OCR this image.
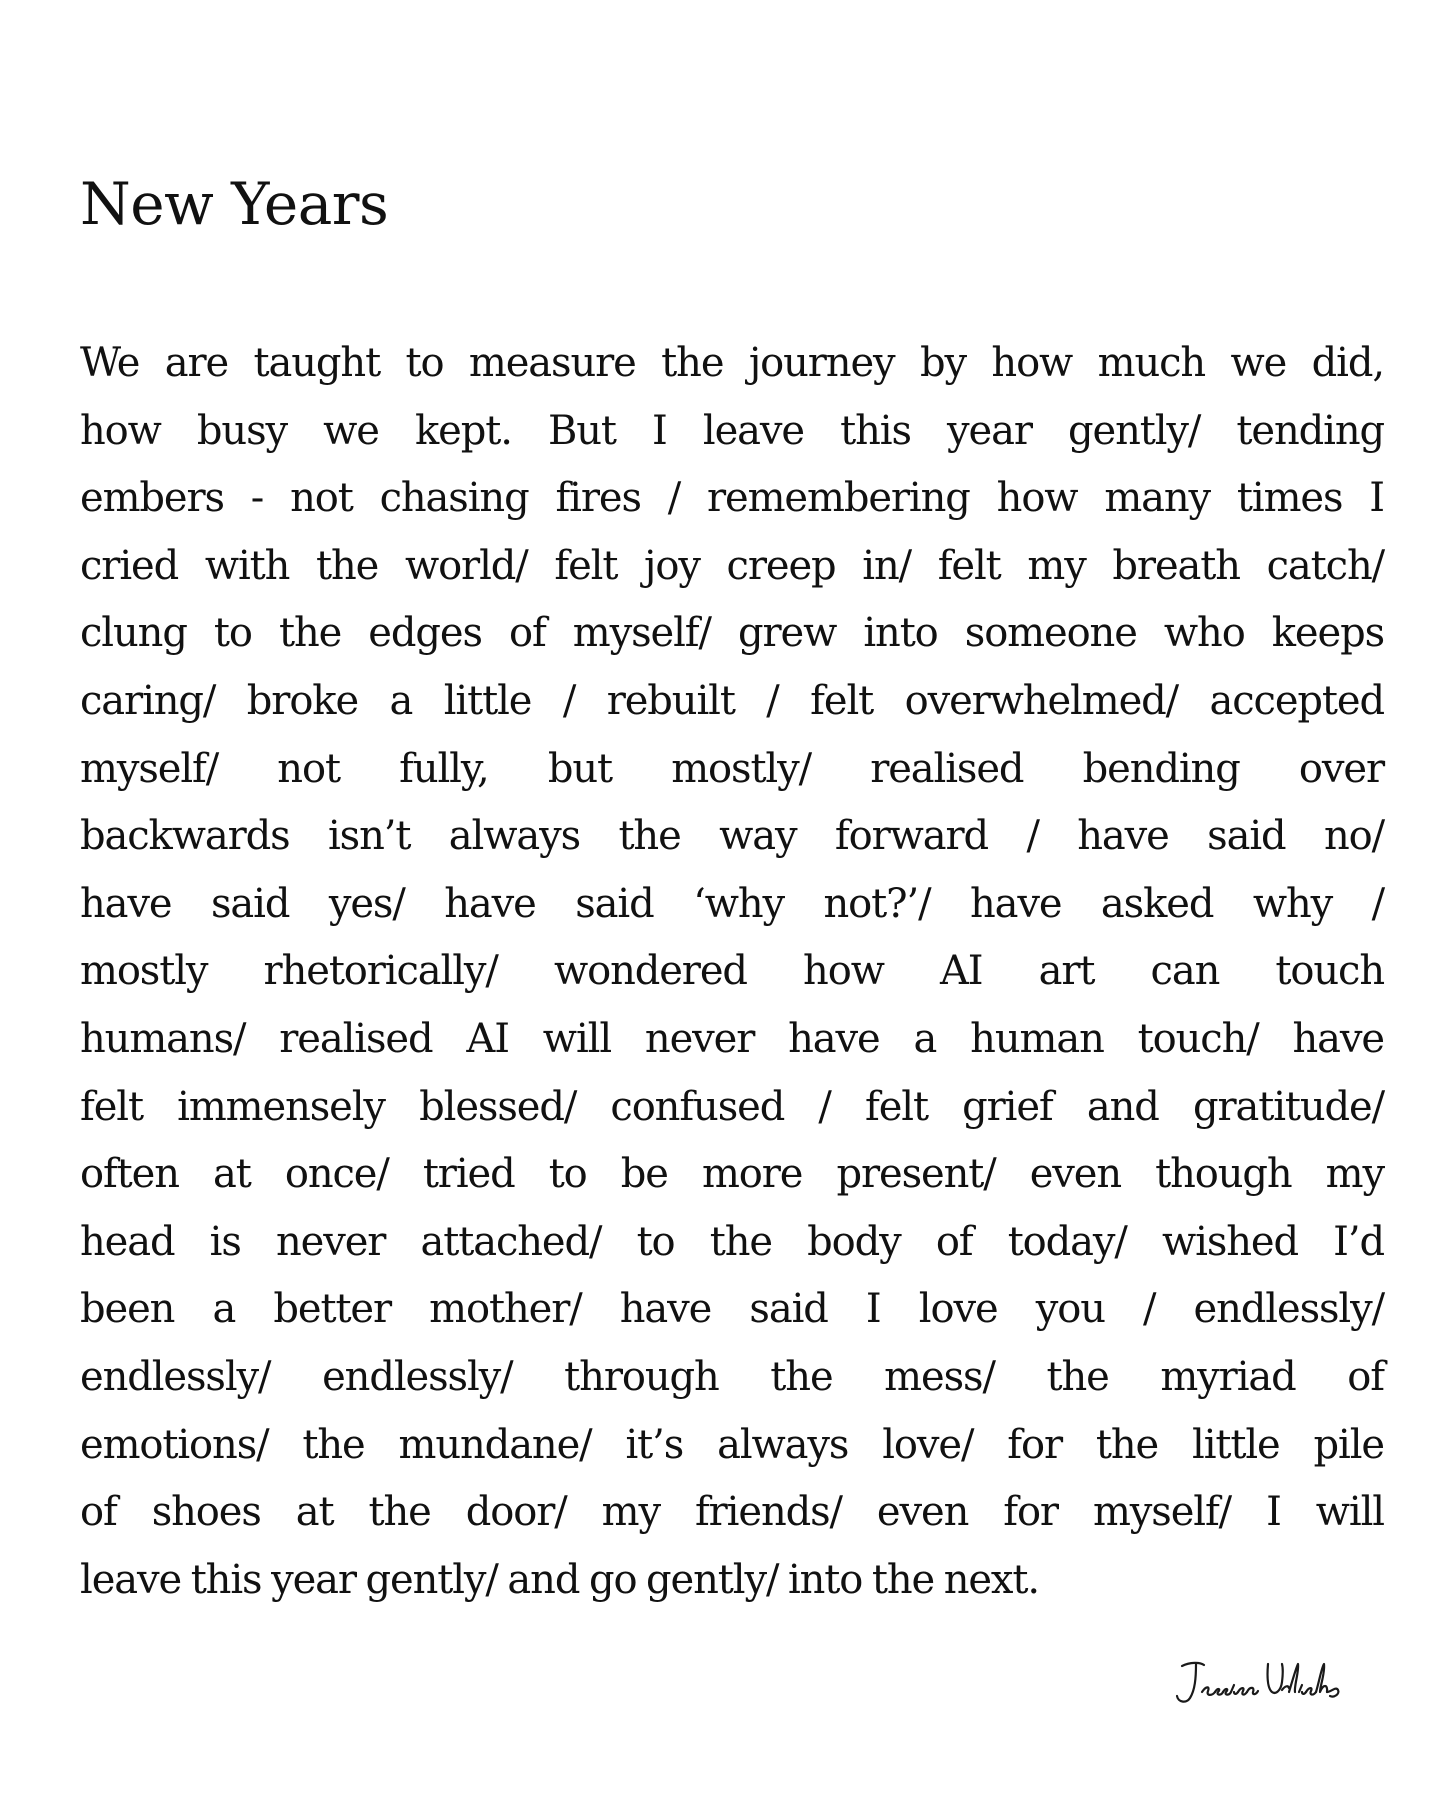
New Years
We are taught to measure the journey by how much we did,
how busy we kept. But I leave this year gently/ tending
embers - not chasing fires / remembering how many times I
cried with the world/ felt joy creep in/ felt my breath catch/
clung to the edges of myself/ grew into someone who keeps
caring/ broke a little / rebuilt / felt overwhelmed/ accepted
myself/ not fully, but mostly/ realised bending over
backwards isn’t always the way forward / have said no/
have said yes/ have said ‘why not?’/ have asked why /
mostly rhetorically/ wondered how AI art can touch
humans/ realised AI will never have a human touch/ have
felt immensely blessed/ confused / felt grief and gratitude/
often at once/ tried to be more present/ even though my
head is never attached/ to the body of today/ wished I’d
been a better mother/ have said I love you / endlessly/
endlessly/ endlessly/ through the mess/ the myriad of
emotions/ the mundane/ it’s always love/ for the little pile
of shoes at the door/ my friends/ even for myself/ I will
leave this year gently/ and go gently/ into the next.
